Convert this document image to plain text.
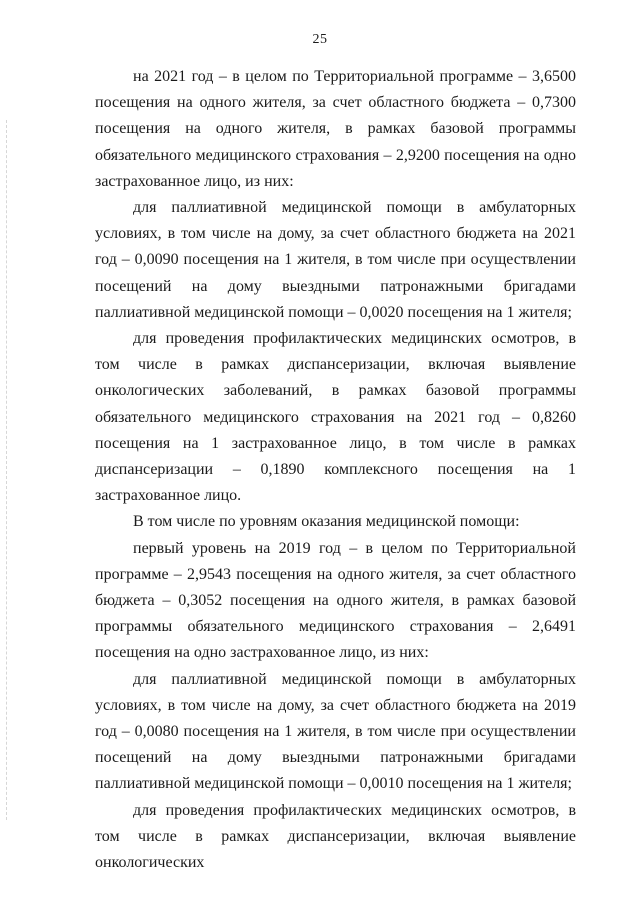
25

на 2021 год – в целом по Территориальной программе – 3,6500 посещения на одного жителя, за счет областного бюджета – 0,7300 посещения на одного жителя, в рамках базовой программы обязательного медицинского страхования – 2,9200 посещения на одно застрахованное лицо, из них:

для паллиативной медицинской помощи в амбулаторных условиях, в том числе на дому, за счет областного бюджета на 2021 год – 0,0090 посещения на 1 жителя, в том числе при осуществлении посещений на дому выездными патронажными бригадами паллиативной медицинской помощи – 0,0020 посещения на 1 жителя;

для проведения профилактических медицинских осмотров, в том числе в рамках диспансеризации, включая выявление онкологических заболеваний, в рамках базовой программы обязательного медицинского страхования на 2021 год – 0,8260 посещения на 1 застрахованное лицо, в том числе в рамках диспансеризации – 0,1890 комплексного посещения на 1 застрахованное лицо.

В том числе по уровням оказания медицинской помощи:

первый уровень на 2019 год – в целом по Территориальной программе – 2,9543 посещения на одного жителя, за счет областного бюджета – 0,3052 посещения на одного жителя, в рамках базовой программы обязательного медицинского страхования – 2,6491 посещения на одно застрахованное лицо, из них:

для паллиативной медицинской помощи в амбулаторных условиях, в том числе на дому, за счет областного бюджета на 2019 год – 0,0080 посещения на 1 жителя, в том числе при осуществлении посещений на дому выездными патронажными бригадами паллиативной медицинской помощи – 0,0010 посещения на 1 жителя;

для проведения профилактических медицинских осмотров, в том числе в рамках диспансеризации, включая выявление онкологических
